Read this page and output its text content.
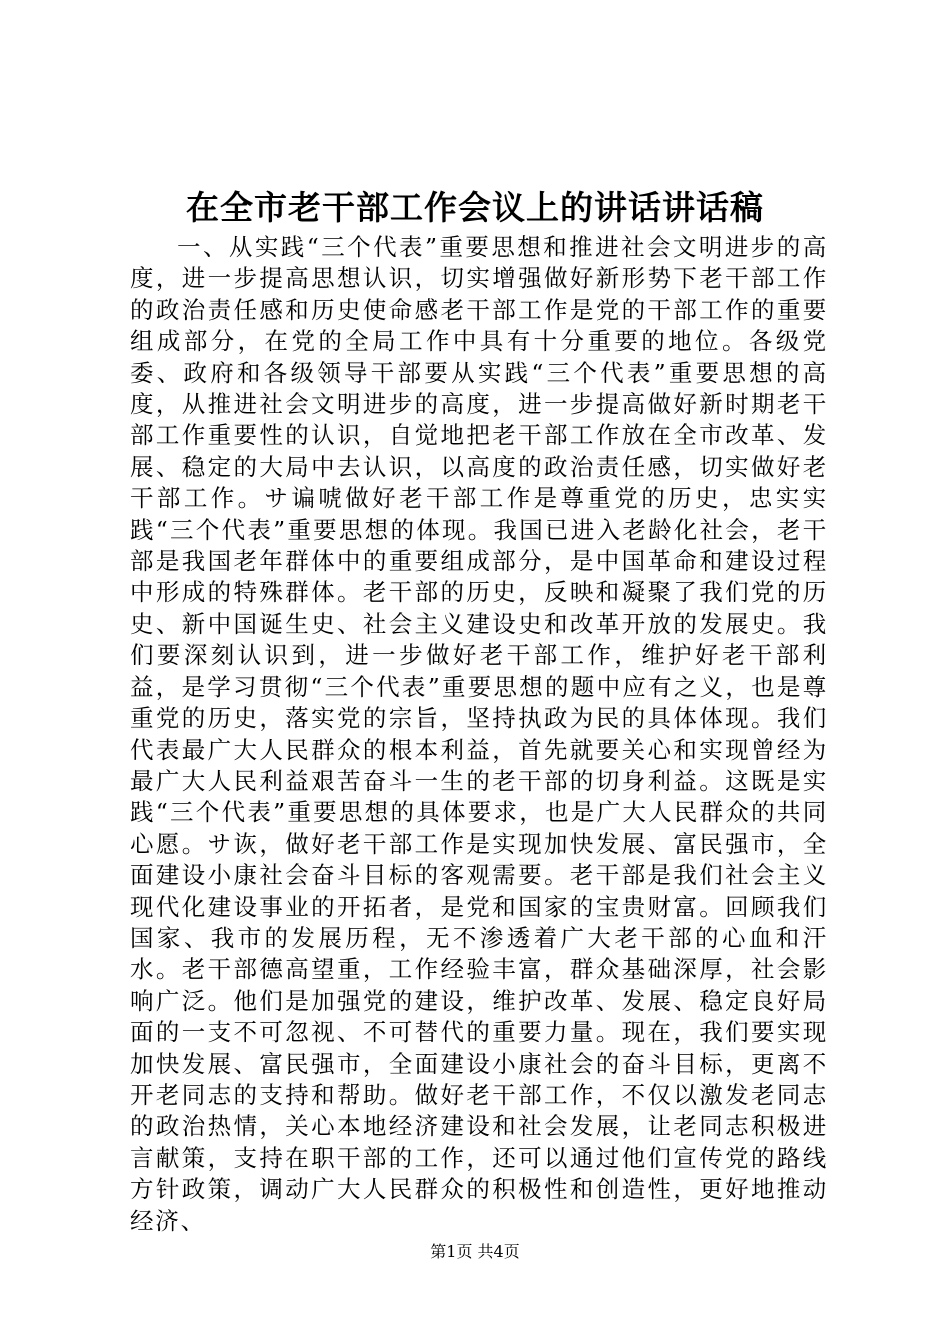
在全市老干部工作会议上的讲话讲话稿

一、从实践“三个代表”重要思想和推进社会文明进步的高度，进一步提高思想认识，切实增强做好新形势下老干部工作的政治责任感和历史使命感老干部工作是党的干部工作的重要组成部分，在党的全局工作中具有十分重要的地位。各级党委、政府和各级领导干部要从实践“三个代表”重要思想的高度，从推进社会文明进步的高度，进一步提高做好新时期老干部工作重要性的认识，自觉地把老干部工作放在全市改革、发展、稳定的大局中去认识，以高度的政治责任感，切实做好老干部工作。サ谝唬做好老干部工作是尊重党的历史，忠实实践“三个代表”重要思想的体现。我国已进入老龄化社会，老干部是我国老年群体中的重要组成部分，是中国革命和建设过程中形成的特殊群体。老干部的历史，反映和凝聚了我们党的历史、新中国诞生史、社会主义建设史和改革开放的发展史。我们要深刻认识到，进一步做好老干部工作，维护好老干部利益，是学习贯彻“三个代表”重要思想的题中应有之义，也是尊重党的历史，落实党的宗旨，坚持执政为民的具体体现。我们代表最广大人民群众的根本利益，首先就要关心和实现曾经为最广大人民利益艰苦奋斗一生的老干部的切身利益。这既是实践“三个代表”重要思想的具体要求，也是广大人民群众的共同心愿。サ诙，做好老干部工作是实现加快发展、富民强市，全面建设小康社会奋斗目标的客观需要。老干部是我们社会主义现代化建设事业的开拓者，是党和国家的宝贵财富。回顾我们国家、我市的发展历程，无不渗透着广大老干部的心血和汗水。老干部德高望重，工作经验丰富，群众基础深厚，社会影响广泛。他们是加强党的建设，维护改革、发展、稳定良好局面的一支不可忽视、不可替代的重要力量。现在，我们要实现加快发展、富民强市，全面建设小康社会的奋斗目标，更离不开老同志的支持和帮助。做好老干部工作，不仅以激发老同志的政治热情，关心本地经济建设和社会发展，让老同志积极进言献策，支持在职干部的工作，还可以通过他们宣传党的路线方针政策，调动广大人民群众的积极性和创造性，更好地推动经济、

第1页 共4页
